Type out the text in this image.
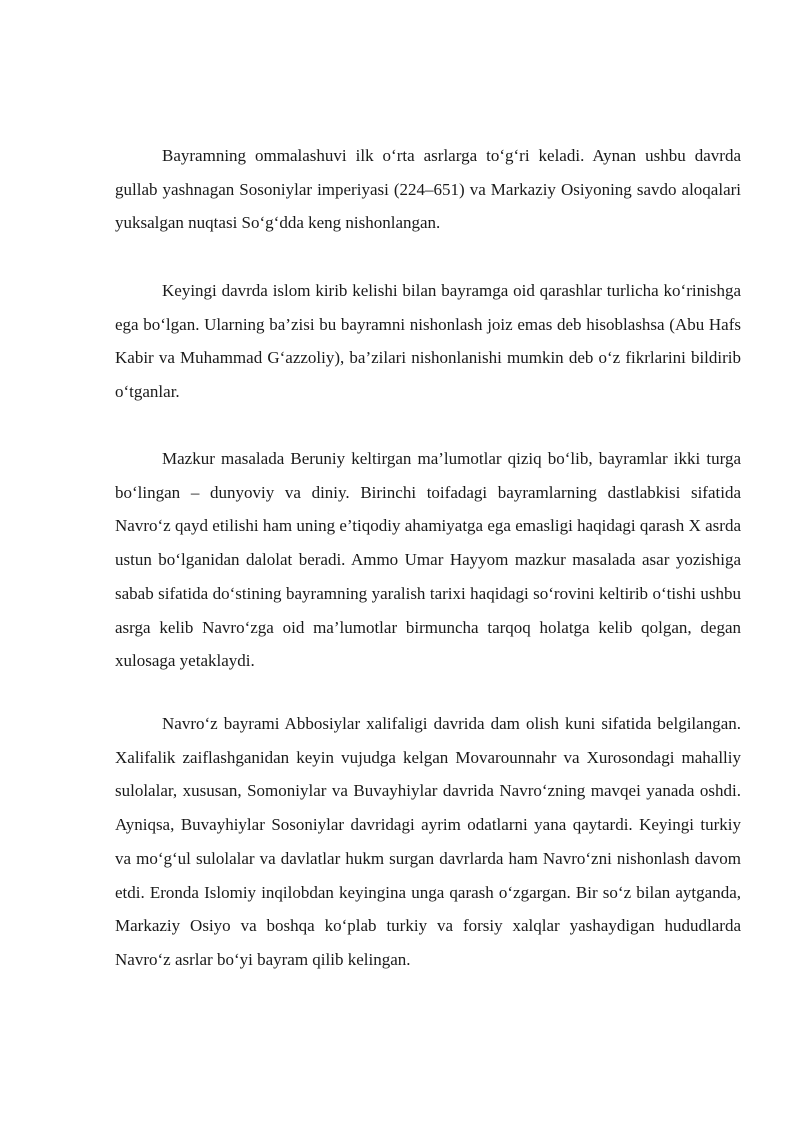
Bayramning ommalashuvi ilk o‘rta asrlarga to‘g‘ri keladi. Aynan ushbu davrda gullab yashnagan Sosoniylar imperiyasi (224–651) va Markaziy Osiyoning savdo aloqalari yuksalgan nuqtasi So‘g‘dda keng nishonlangan.

Keyingi davrda islom kirib kelishi bilan bayramga oid qarashlar turlicha ko‘rinishga ega bo‘lgan. Ularning ba’zisi bu bayramni nishonlash joiz emas deb hisoblashsa (Abu Hafs Kabir va Muhammad G‘azzoliy), ba’zilari nishonlanishi mumkin deb o‘z fikrlarini bildirib o‘tganlar.

Mazkur masalada Beruniy keltirgan ma’lumotlar qiziq bo‘lib, bayramlar ikki turga bo‘lingan – dunyoviy va diniy. Birinchi toifadagi bayramlarning dastlabkisi sifatida Navro‘z qayd etilishi ham uning e’tiqodiy ahamiyatga ega emasligi haqidagi qarash X asrda ustun bo‘lganidan dalolat beradi. Ammo Umar Hayyom mazkur masalada asar yozishiga sabab sifatida do‘stining bayramning yaralish tarixi haqidagi so‘rovini keltirib o‘tishi ushbu asrga kelib Navro‘zga oid ma’lumotlar birmuncha tarqoq holatga kelib qolgan, degan xulosaga yetaklaydi.

Navro‘z bayrami Abbosiylar xalifaligi davrida dam olish kuni sifatida belgilangan. Xalifalik zaiflashganidan keyin vujudga kelgan Movarounnahr va Xurosondagi mahalliy sulolalar, xususan, Somoniylar va Buvayhiylar davrida Navro‘zning mavqei yanada oshdi. Ayniqsa, Buvayhiylar Sosoniylar davridagi ayrim odatlarni yana qaytardi. Keyingi turkiy va mo‘g‘ul sulolalar va davlatlar hukm surgan davrlarda ham Navro‘zni nishonlash davom etdi. Eronda Islomiy inqilobdan keyingina unga qarash o‘zgargan. Bir so‘z bilan aytganda, Markaziy Osiyo va boshqa ko‘plab turkiy va forsiy xalqlar yashaydigan hududlarda Navro‘z asrlar bo‘yi bayram qilib kelingan.
